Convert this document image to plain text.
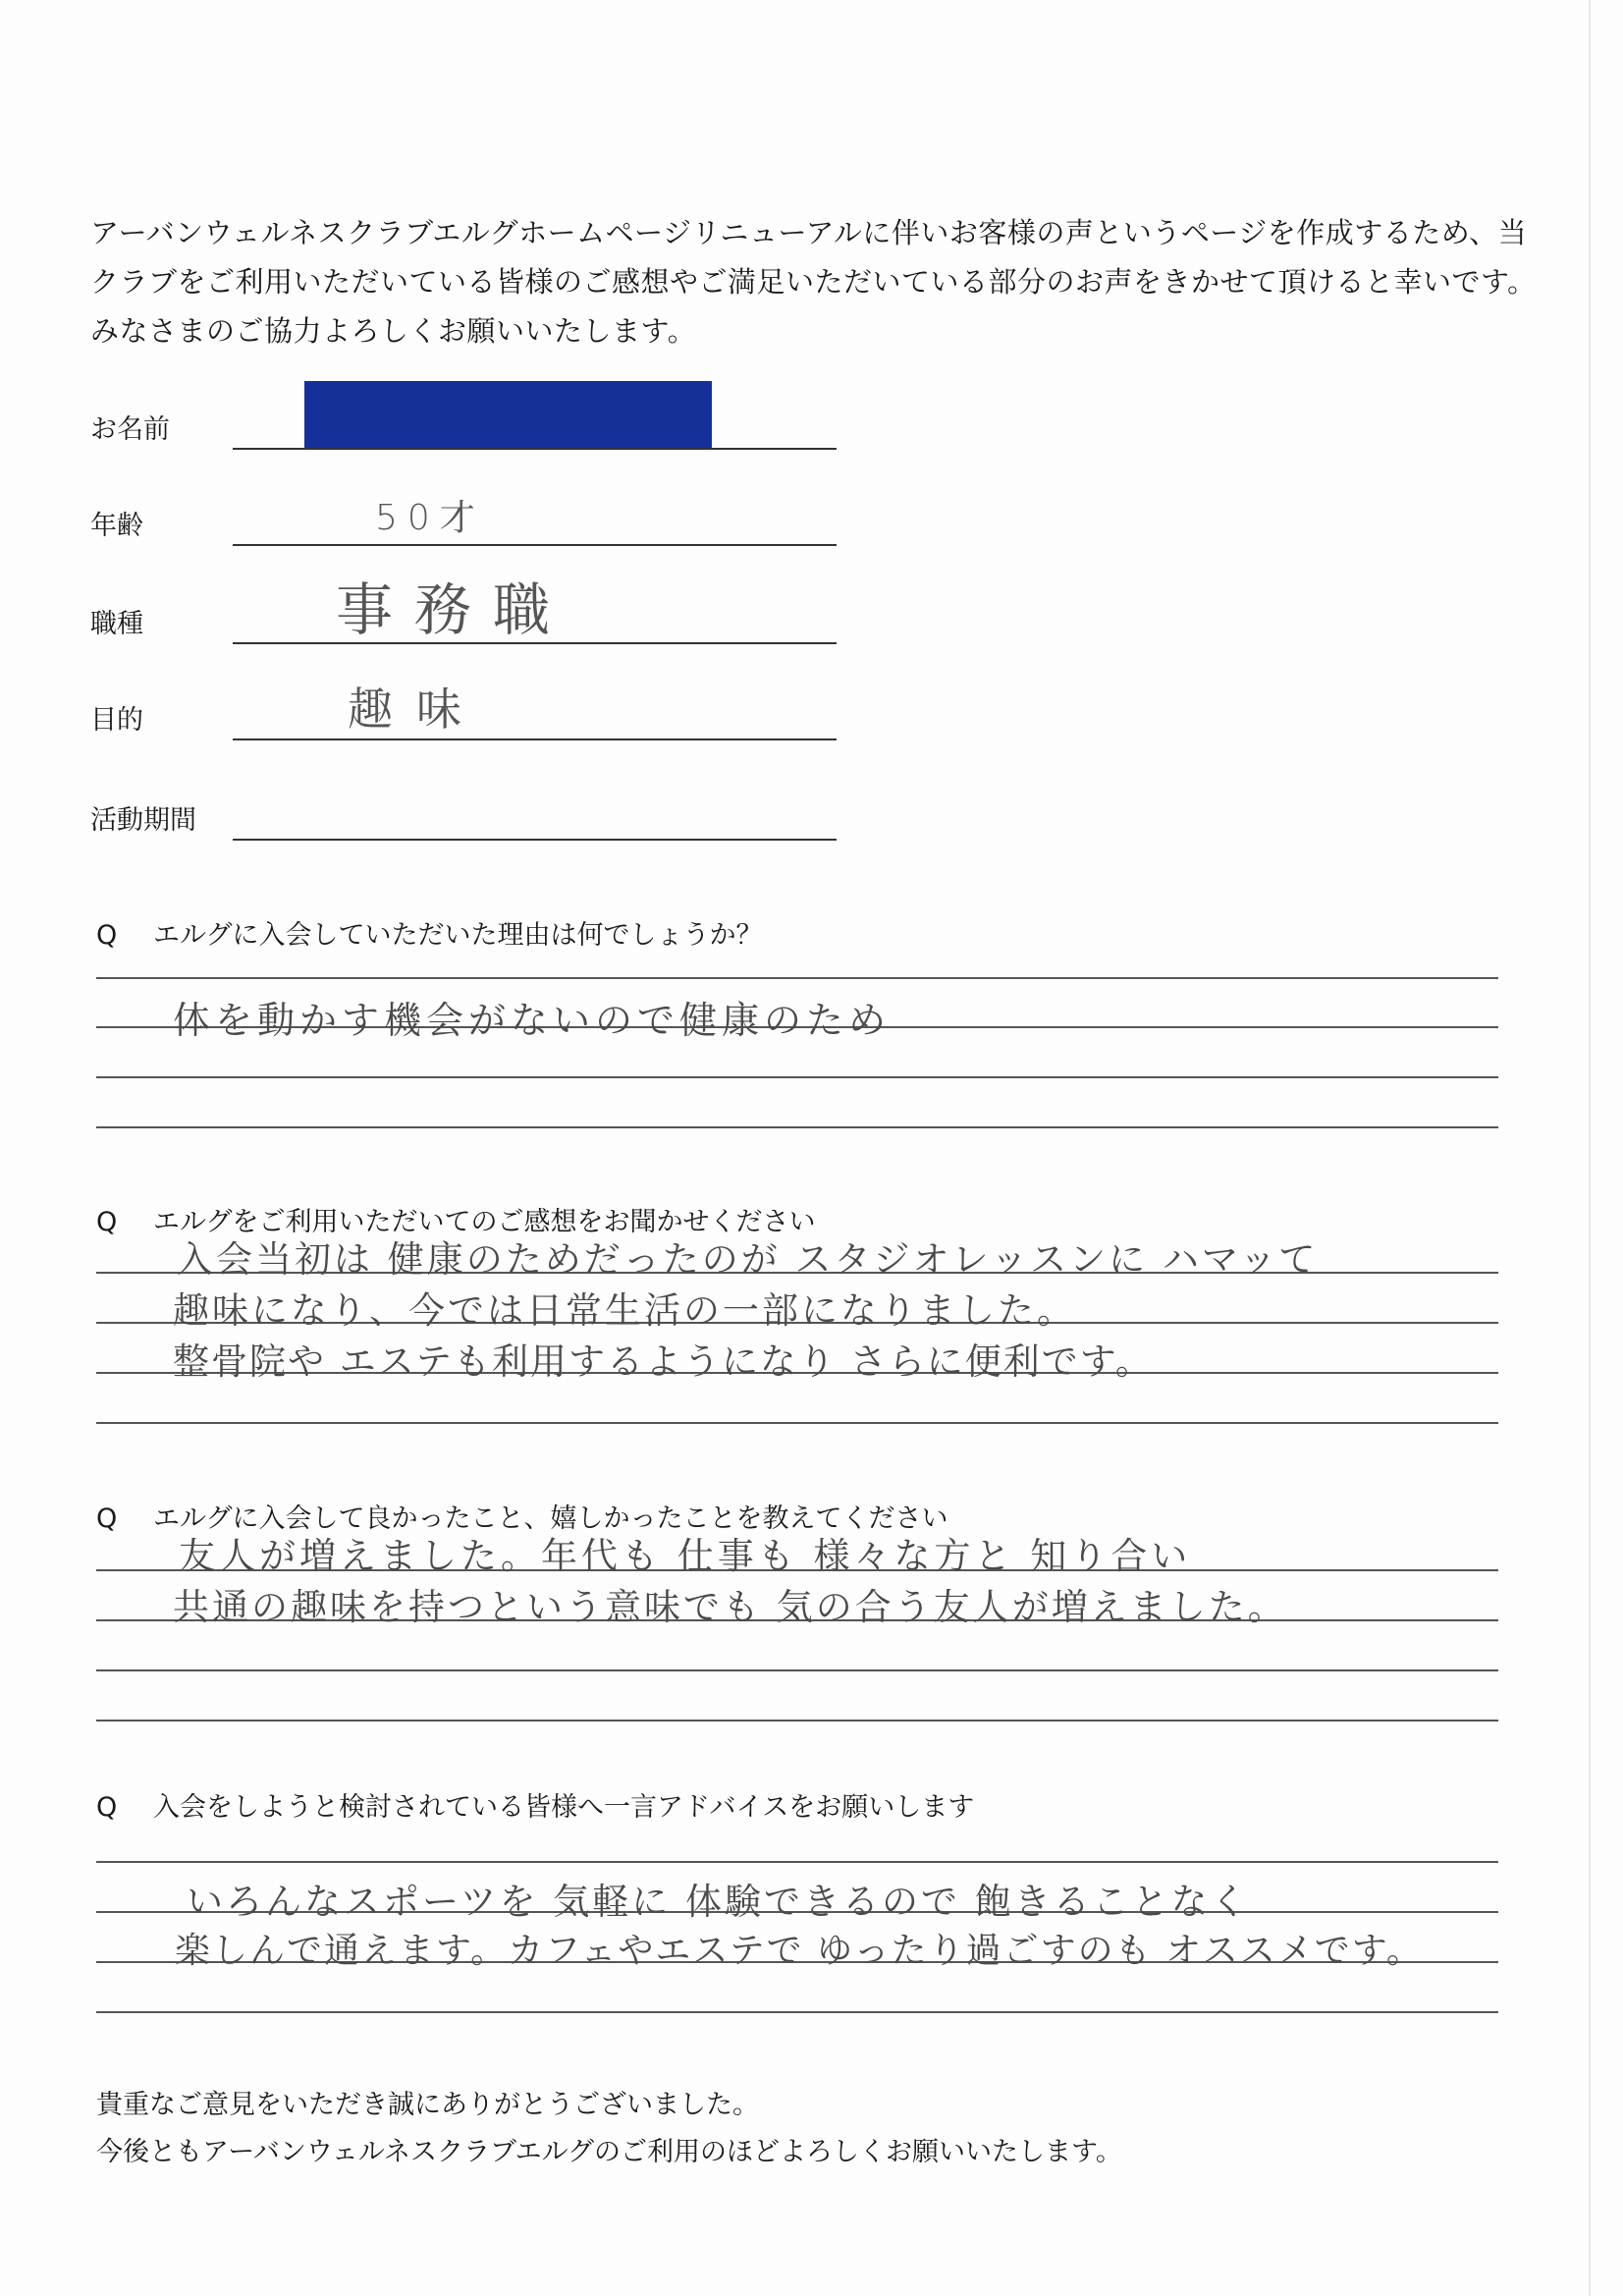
アーバンウェルネスクラブエルグホームページリニューアルに伴いお客様の声というページを作成するため、当
クラブをご利用いただいている皆様のご感想やご満足いただいている部分のお声をきかせて頂けると幸いです。
みなさまのご協力よろしくお願いいたします。
お名前
年齢	50才
職種	事務職
目的	趣味
活動期間
Q エルグに入会していただいた理由は何でしょうか？
体を動かす機会がないので健康のため
Q エルグをご利用いただいてのご感想をお聞かせください
入会当初は 健康のためだったのが スタジオレッスンに ハマッて
趣味になり、今では日常生活の一部になりました。
整骨院や エステも利用するようになり さらに便利です。
Q エルグに入会して良かったこと、嬉しかったことを教えてください
友人が増えました。年代も 仕事も 様々な方と 知り合い
共通の趣味を持つという意味でも 気の合う友人が増えました。
Q 入会をしようと検討されている皆様へ一言アドバイスをお願いします
いろんなスポーツを 気軽に 体験できるので 飽きることなく
楽しんで通えます。カフェやエステで ゆったり過ごすのも オススメです。
貴重なご意見をいただき誠にありがとうございました。
今後ともアーバンウェルネスクラブエルグのご利用のほどよろしくお願いいたします。
